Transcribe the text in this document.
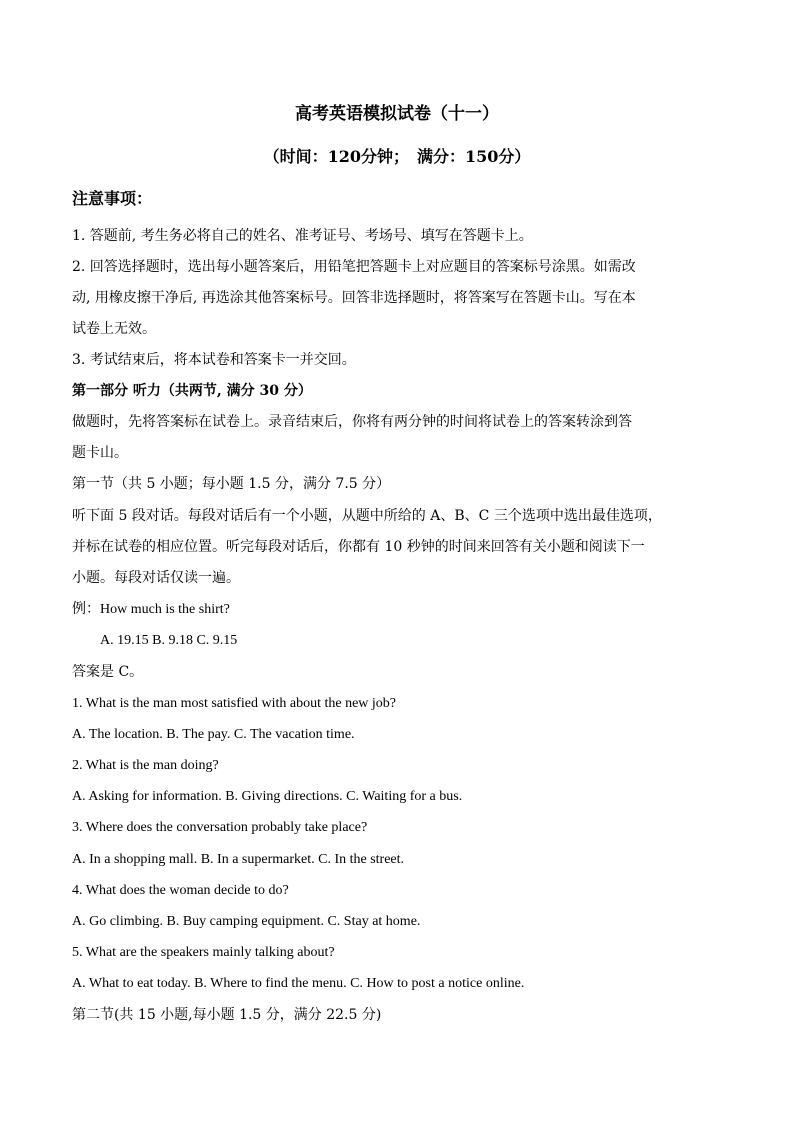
高考英语模拟试卷（十一）
（时间：120分钟；　满分：150分）
注意事项：
1. 答题前, 考生务必将自己的姓名、准考证号、考场号、填写在答题卡上。
2. 回答选择题时，选出每小题答案后，用铅笔把答题卡上对应题目的答案标号涂黑。如需改
动, 用橡皮擦干净后, 再选涂其他答案标号。回答非选择题时，将答案写在答题卡山。写在本
试卷上无效。
3. 考试结束后，将本试卷和答案卡一并交回。
第一部分 听力（共两节, 满分 30 分）
做题时，先将答案标在试卷上。录音结束后，你将有两分钟的时间将试卷上的答案转涂到答
题卡山。
第一节（共 5 小题；每小题 1.5 分，满分 7.5 分）
听下面 5 段对话。每段对话后有一个小题，从题中所给的 A、B、C 三个选项中选出最佳选项，
并标在试卷的相应位置。听完每段对话后，你都有 10 秒钟的时间来回答有关小题和阅读下一
小题。每段对话仅读一遍。
例：How much is the shirt?
A. 19.15 B. 9.18 C. 9.15
答案是 C。
1. What is the man most satisfied with about the new job?
A. The location. B. The pay. C. The vacation time.
2. What is the man doing?
A. Asking for information. B. Giving directions. C. Waiting for a bus.
3. Where does the conversation probably take place?
A. In a shopping mall. B. In a supermarket. C. In the street.
4. What does the woman decide to do?
A. Go climbing. B. Buy camping equipment. C. Stay at home.
5. What are the speakers mainly talking about?
A. What to eat today. B. Where to find the menu. C. How to post a notice online.
第二节(共 15 小题,每小题 1.5 分，满分 22.5 分)
